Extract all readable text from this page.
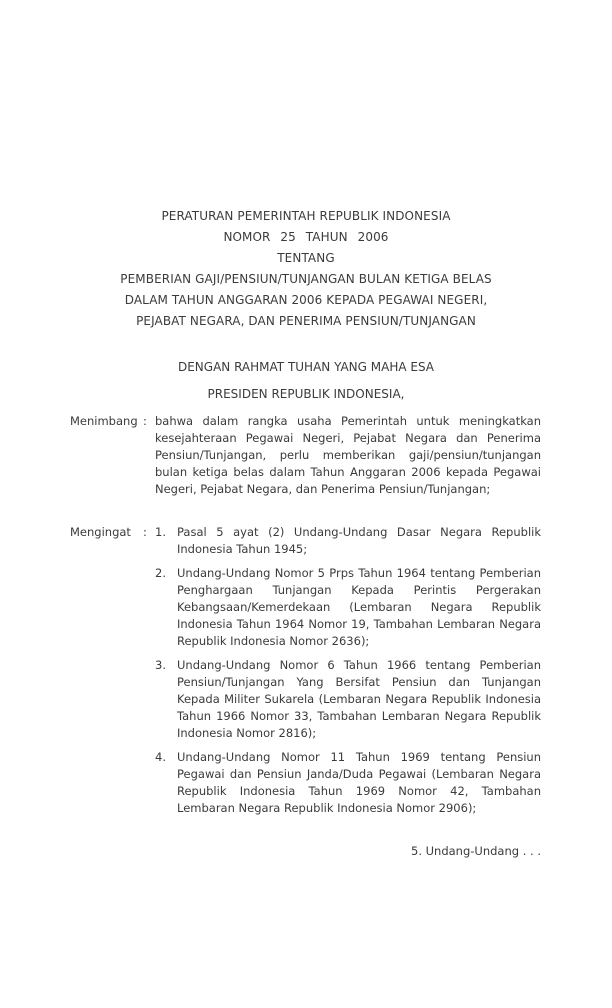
PERATURAN PEMERINTAH REPUBLIK INDONESIA
NOMOR 25 TAHUN 2006
TENTANG
PEMBERIAN GAJI/PENSIUN/TUNJANGAN BULAN KETIGA BELAS
DALAM TAHUN ANGGARAN 2006 KEPADA PEGAWAI NEGERI,
PEJABAT NEGARA, DAN PENERIMA PENSIUN/TUNJANGAN
DENGAN RAHMAT TUHAN YANG MAHA ESA
PRESIDEN REPUBLIK INDONESIA,
Menimbang : bahwa dalam rangka usaha Pemerintah untuk meningkatkan kesejahteraan Pegawai Negeri, Pejabat Negara dan Penerima Pensiun/Tunjangan, perlu memberikan gaji/pensiun/tunjangan bulan ketiga belas dalam Tahun Anggaran 2006 kepada Pegawai Negeri, Pejabat Negara, dan Penerima Pensiun/Tunjangan;
Mengingat	: 1. Pasal 5 ayat (2) Undang-Undang Dasar Negara Republik Indonesia Tahun 1945;
2. Undang-Undang Nomor 5 Prps Tahun 1964 tentang Pemberian Penghargaan Tunjangan Kepada Perintis Pergerakan Kebangsaan/Kemerdekaan (Lembaran Negara Republik Indonesia Tahun 1964 Nomor 19, Tambahan Lembaran Negara Republik Indonesia Nomor 2636);
3. Undang-Undang Nomor 6 Tahun 1966 tentang Pemberian Pensiun/Tunjangan Yang Bersifat Pensiun dan Tunjangan Kepada Militer Sukarela (Lembaran Negara Republik Indonesia Tahun 1966 Nomor 33, Tambahan Lembaran Negara Republik Indonesia Nomor 2816);
4. Undang-Undang Nomor 11 Tahun 1969 tentang Pensiun Pegawai dan Pensiun Janda/Duda Pegawai (Lembaran Negara Republik Indonesia Tahun 1969 Nomor 42, Tambahan Lembaran Negara Republik Indonesia Nomor 2906);
5. Undang-Undang . . .
